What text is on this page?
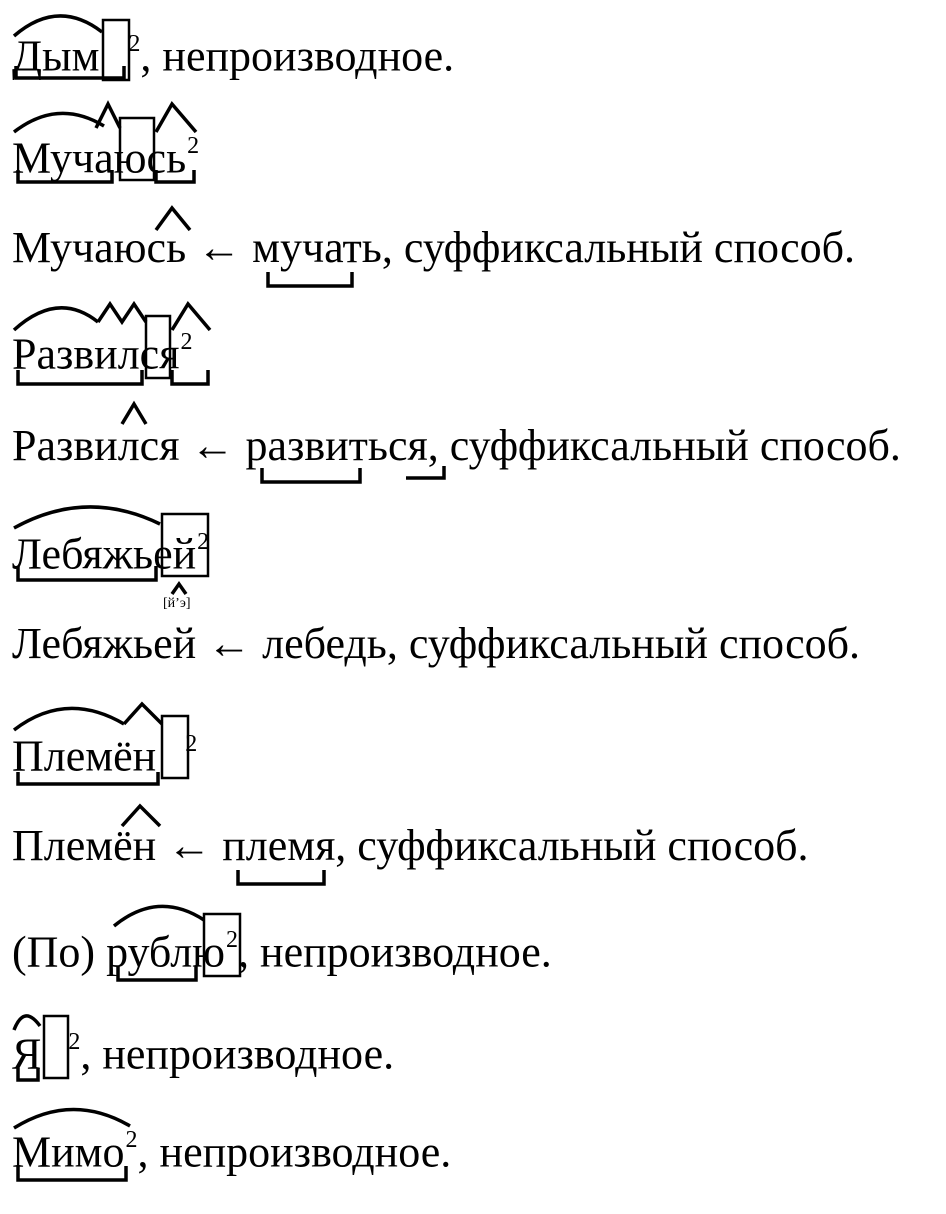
Дым $^2$, непроизводное.
Мучаюсь$^2$
Мучаюсь ← мучать, суффиксальный способ.
Развился$^2$
Развился ← развиться, суффиксальный способ.
Лебяжьей$^2$
[йʼэ]
Лебяжьей ← лебедь, суффиксальный способ.
Племён $^2$
Племён ← племя, суффиксальный способ.
(По) рублю$^2$, непроизводное.
Я $^2$, непроизводное.
Мимо$^2$, непроизводное.
